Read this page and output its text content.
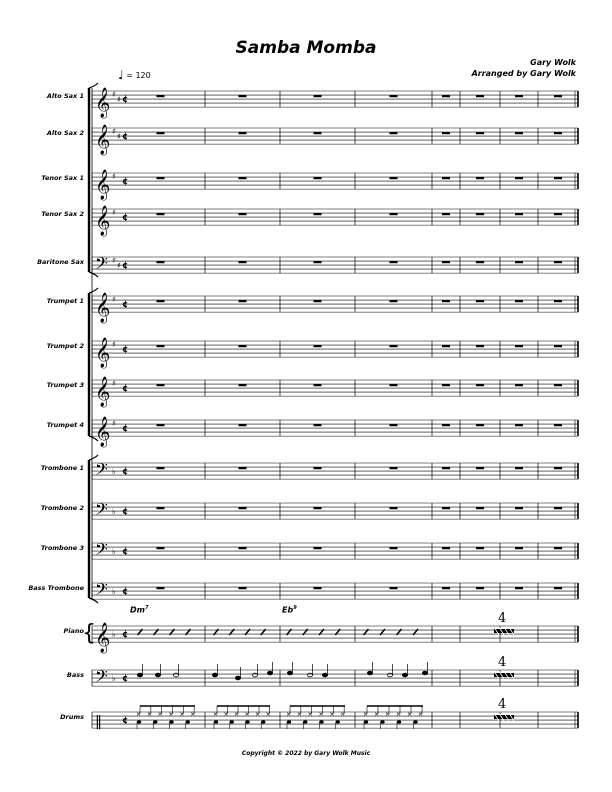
Samba Momba
Gary Wolk
Arranged by Gary Wolk
♩ = 120
Alto Sax 1
Alto Sax 2
Tenor Sax 1
Tenor Sax 2
Baritone Sax
Trumpet 1
Trumpet 2
Trumpet 3
Trumpet 4
Trombone 1
Trombone 2
Trombone 3
Bass Trombone
Piano
Bass
Drums
Dm$^7$	Eb$^9$
𝄞 ♯
♯ ¢
𝄞 ♯
♯ ¢
𝄞 ♯
¢
𝄞 ♯
¢
𝄢 ♯
♯ ¢
𝄞 ♯
¢
𝄞 ♯
¢
𝄞 ♯
¢
𝄞 ♯
¢
𝄢 ♭ ¢
𝄢 ♭ ¢
𝄢 ♭ ¢
𝄢 ♭ ¢
𝄞 ♭ ¢
4
𝄢 ♭ ¢
4
‖ ¢
× × × × × ×	× × × × × ×	× × × × × ×	× × × × × ×
4
{
Copyright © 2022 by Gary Wolk Music
